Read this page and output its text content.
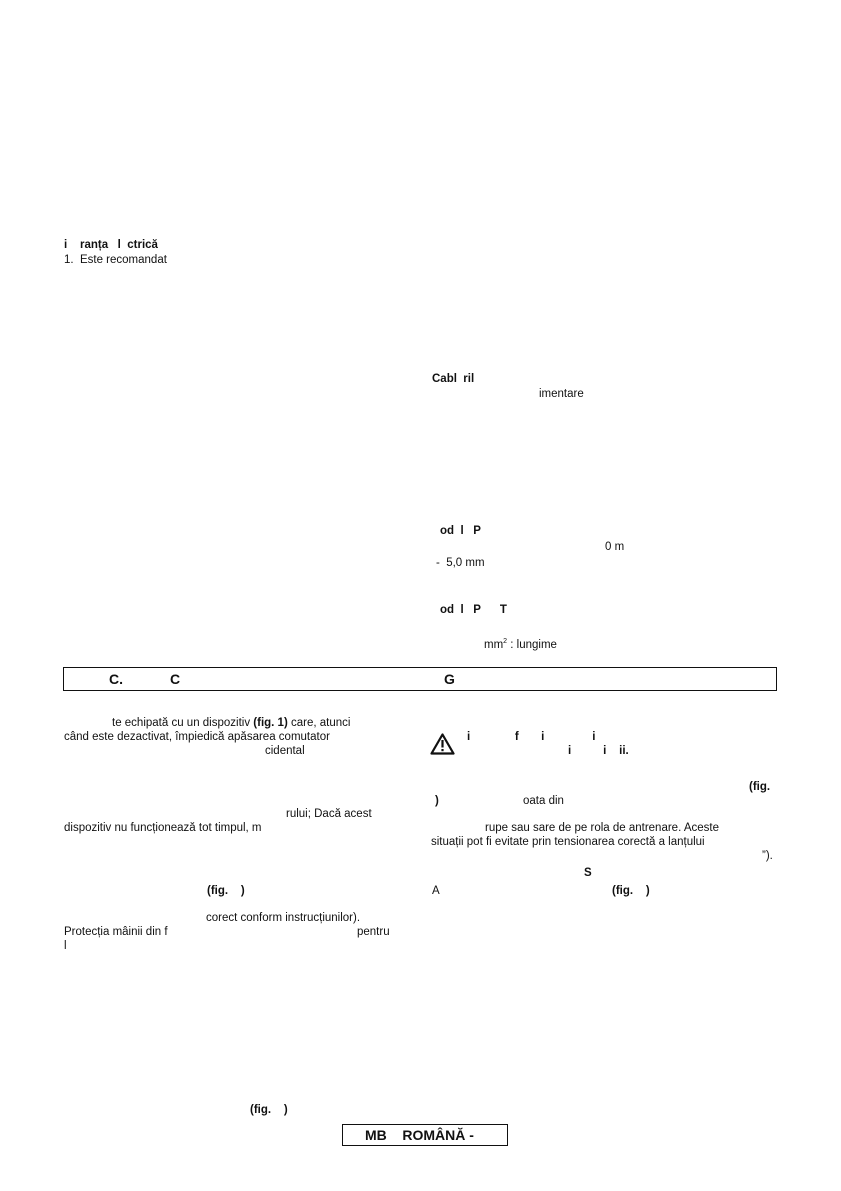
i    ranța   l  ctrică
1.  Este recomandat
Cabl  ril
imentare
od  l   P
0 m
-  5,0 mm
od  l   P      T
$mm^2$ : lungime
C.	C	G
te echipată cu un dispozitiv (fig. 1) care, atunci
când este dezactivat, împiedică apăsarea comutator
cidental
rului; Dacă acest
dispozitiv nu funcționează tot timpul, m
(fig.    )
corect conform instrucțiunilor).
Protecția mâinii din f	pentru
l
(fig.    )
i              f       i               i
i          i    ii.
(fig.
)	oata din
rupe sau sare de pe rola de antrenare. Aceste
situații pot fi evitate prin tensionarea corectă a lanțului
”).
S
A	(fig.    )
MB    ROMÂNĂ -
